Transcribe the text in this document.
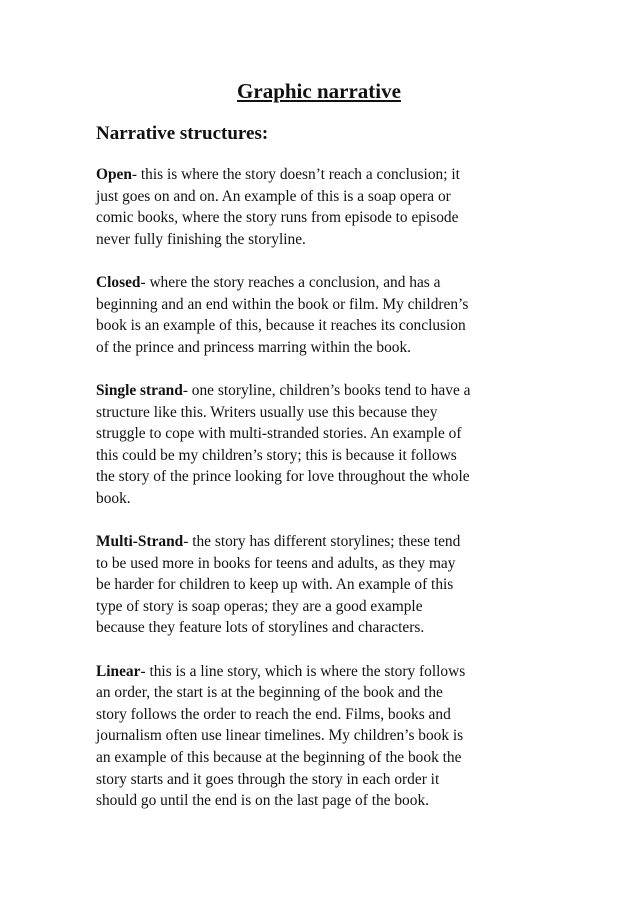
Graphic narrative
Narrative structures:

Open- this is where the story doesn’t reach a conclusion; it
just goes on and on. An example of this is a soap opera or
comic books, where the story runs from episode to episode
never fully finishing the storyline.

Closed- where the story reaches a conclusion, and has a
beginning and an end within the book or film. My children’s
book is an example of this, because it reaches its conclusion
of the prince and princess marring within the book.

Single strand- one storyline, children’s books tend to have a
structure like this. Writers usually use this because they
struggle to cope with multi-stranded stories. An example of
this could be my children’s story; this is because it follows
the story of the prince looking for love throughout the whole
book.

Multi-Strand- the story has different storylines; these tend
to be used more in books for teens and adults, as they may
be harder for children to keep up with. An example of this
type of story is soap operas; they are a good example
because they feature lots of storylines and characters.

Linear- this is a line story, which is where the story follows
an order, the start is at the beginning of the book and the
story follows the order to reach the end. Films, books and
journalism often use linear timelines. My children’s book is
an example of this because at the beginning of the book the
story starts and it goes through the story in each order it
should go until the end is on the last page of the book.
